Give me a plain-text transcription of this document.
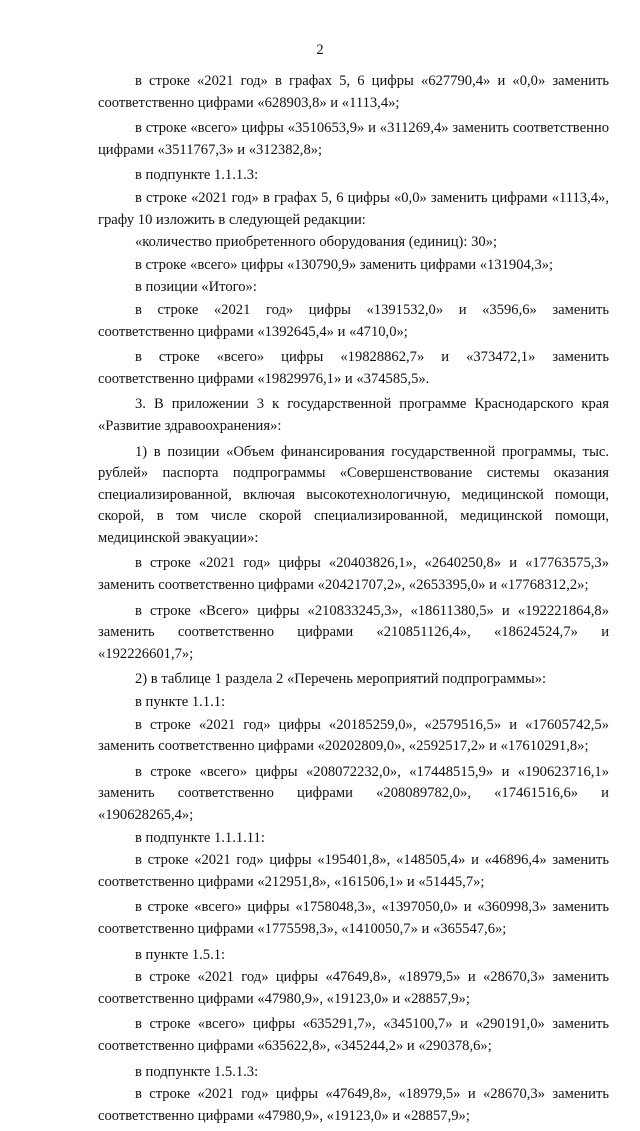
2

в строке «2021 год» в графах 5, 6 цифры «627790,4» и «0,0» заменить соответственно цифрами «628903,8» и «1113,4»;

в строке «всего» цифры «3510653,9» и «311269,4» заменить соответственно цифрами «3511767,3» и «312382,8»;

в подпункте 1.1.1.3:

в строке «2021 год» в графах 5, 6 цифры «0,0» заменить цифрами «1113,4», графу 10 изложить в следующей редакции:

«количество приобретенного оборудования (единиц): 30»;

в строке «всего» цифры «130790,9» заменить цифрами «131904,3»;

в позиции «Итого»:

в строке «2021 год» цифры «1391532,0» и «3596,6» заменить соответственно цифрами «1392645,4» и «4710,0»;

в строке «всего» цифры «19828862,7» и «373472,1» заменить соответственно цифрами «19829976,1» и «374585,5».

3. В приложении 3 к государственной программе Краснодарского края «Развитие здравоохранения»:

1) в позиции «Объем финансирования государственной программы, тыс. рублей» паспорта подпрограммы «Совершенствование системы оказания специализированной, включая высокотехнологичную, медицинской помощи, скорой, в том числе скорой специализированной, медицинской помощи, медицинской эвакуации»:

в строке «2021 год» цифры «20403826,1», «2640250,8» и «17763575,3» заменить соответственно цифрами «20421707,2», «2653395,0» и «17768312,2»;

в строке «Всего» цифры «210833245,3», «18611380,5» и «192221864,8» заменить соответственно цифрами «210851126,4», «18624524,7» и «192226601,7»;

2) в таблице 1 раздела 2 «Перечень мероприятий подпрограммы»:

в пункте 1.1.1:

в строке «2021 год» цифры «20185259,0», «2579516,5» и «17605742,5» заменить соответственно цифрами «20202809,0», «2592517,2» и «17610291,8»;

в строке «всего» цифры «208072232,0», «17448515,9» и «190623716,1» заменить соответственно цифрами «208089782,0», «17461516,6» и «190628265,4»;

в подпункте 1.1.1.11:

в строке «2021 год» цифры «195401,8», «148505,4» и «46896,4» заменить соответственно цифрами «212951,8», «161506,1» и «51445,7»;

в строке «всего» цифры «1758048,3», «1397050,0» и «360998,3» заменить соответственно цифрами «1775598,3», «1410050,7» и «365547,6»;

в пункте 1.5.1:

в строке «2021 год» цифры «47649,8», «18979,5» и «28670,3» заменить соответственно цифрами «47980,9», «19123,0» и «28857,9»;

в строке «всего» цифры «635291,7», «345100,7» и «290191,0» заменить соответственно цифрами «635622,8», «345244,2» и «290378,6»;

в подпункте 1.5.1.3:

в строке «2021 год» цифры «47649,8», «18979,5» и «28670,3» заменить соответственно цифрами «47980,9», «19123,0» и «28857,9»;
